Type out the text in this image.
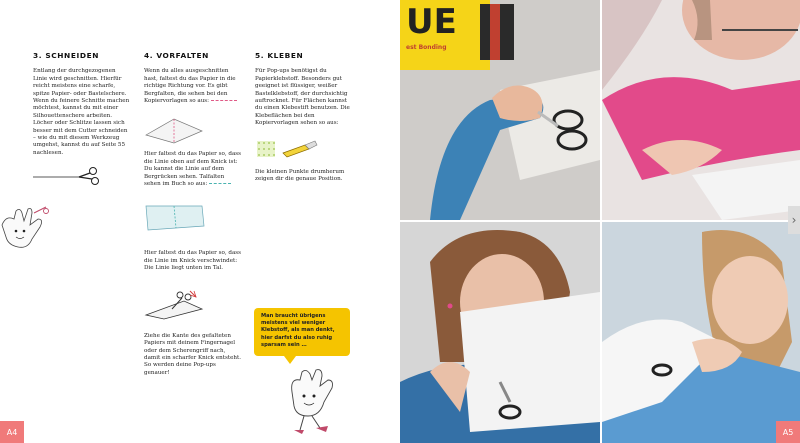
3. SCHNEIDEN

Entlang der durchgezogenen Linie wird geschnitten. Hierfür reicht meistens eine scharfe, spitze Papier- oder Bastelschere. Wenn du feinere Schnitte machen möchtest, kannst du mit einer Silhouettenschere arbeiten. Löcher oder Schlitze lassen sich besser mit dem Cutter schneiden – wie du mit diesem Werkzeug umgehst, kannst du auf Seite 55 nachlesen.

4. VORFALTEN

Wenn du alles ausgeschnitten hast, faltest du das Papier in die richtige Richtung vor. Es gibt Bergfalten, die sehen bei den Kopiervorlagen so aus:

Hier faltest du das Papier so, dass die Linie oben auf dem Knick ist: Du kannst die Linie auf dem Bergrücken sehen. Talfalten sehen im Buch so aus:

Hier faltest du das Papier so, dass die Linie im Knick verschwindet: Die Linie liegt unten im Tal.

Ziehe die Kante des gefalteten Papiers mit deinem Fingernagel oder dem Scherengriff nach, damit ein scharfer Knick entsteht. So werden deine Pop-ups genauer!

5. KLEBEN

Für Pop-ups benötigst du Papierklebstoff. Besonders gut geeignet ist flüssiger, weißer Bastelklebstoff, der durchsichtig auftrocknet. Für Flächen kannst du einen Klebestift benutzen. Die Klebeflächen bei den Kopiervorlagen sehen so aus:

Die kleinen Punkte drumherum zeigen dir die genaue Position.

Man braucht übrigens meistens viel weniger Klebstoff, als man denkt, hier darfst du also ruhig sparsam sein …
A4
UE
est Bonding
A5
›
